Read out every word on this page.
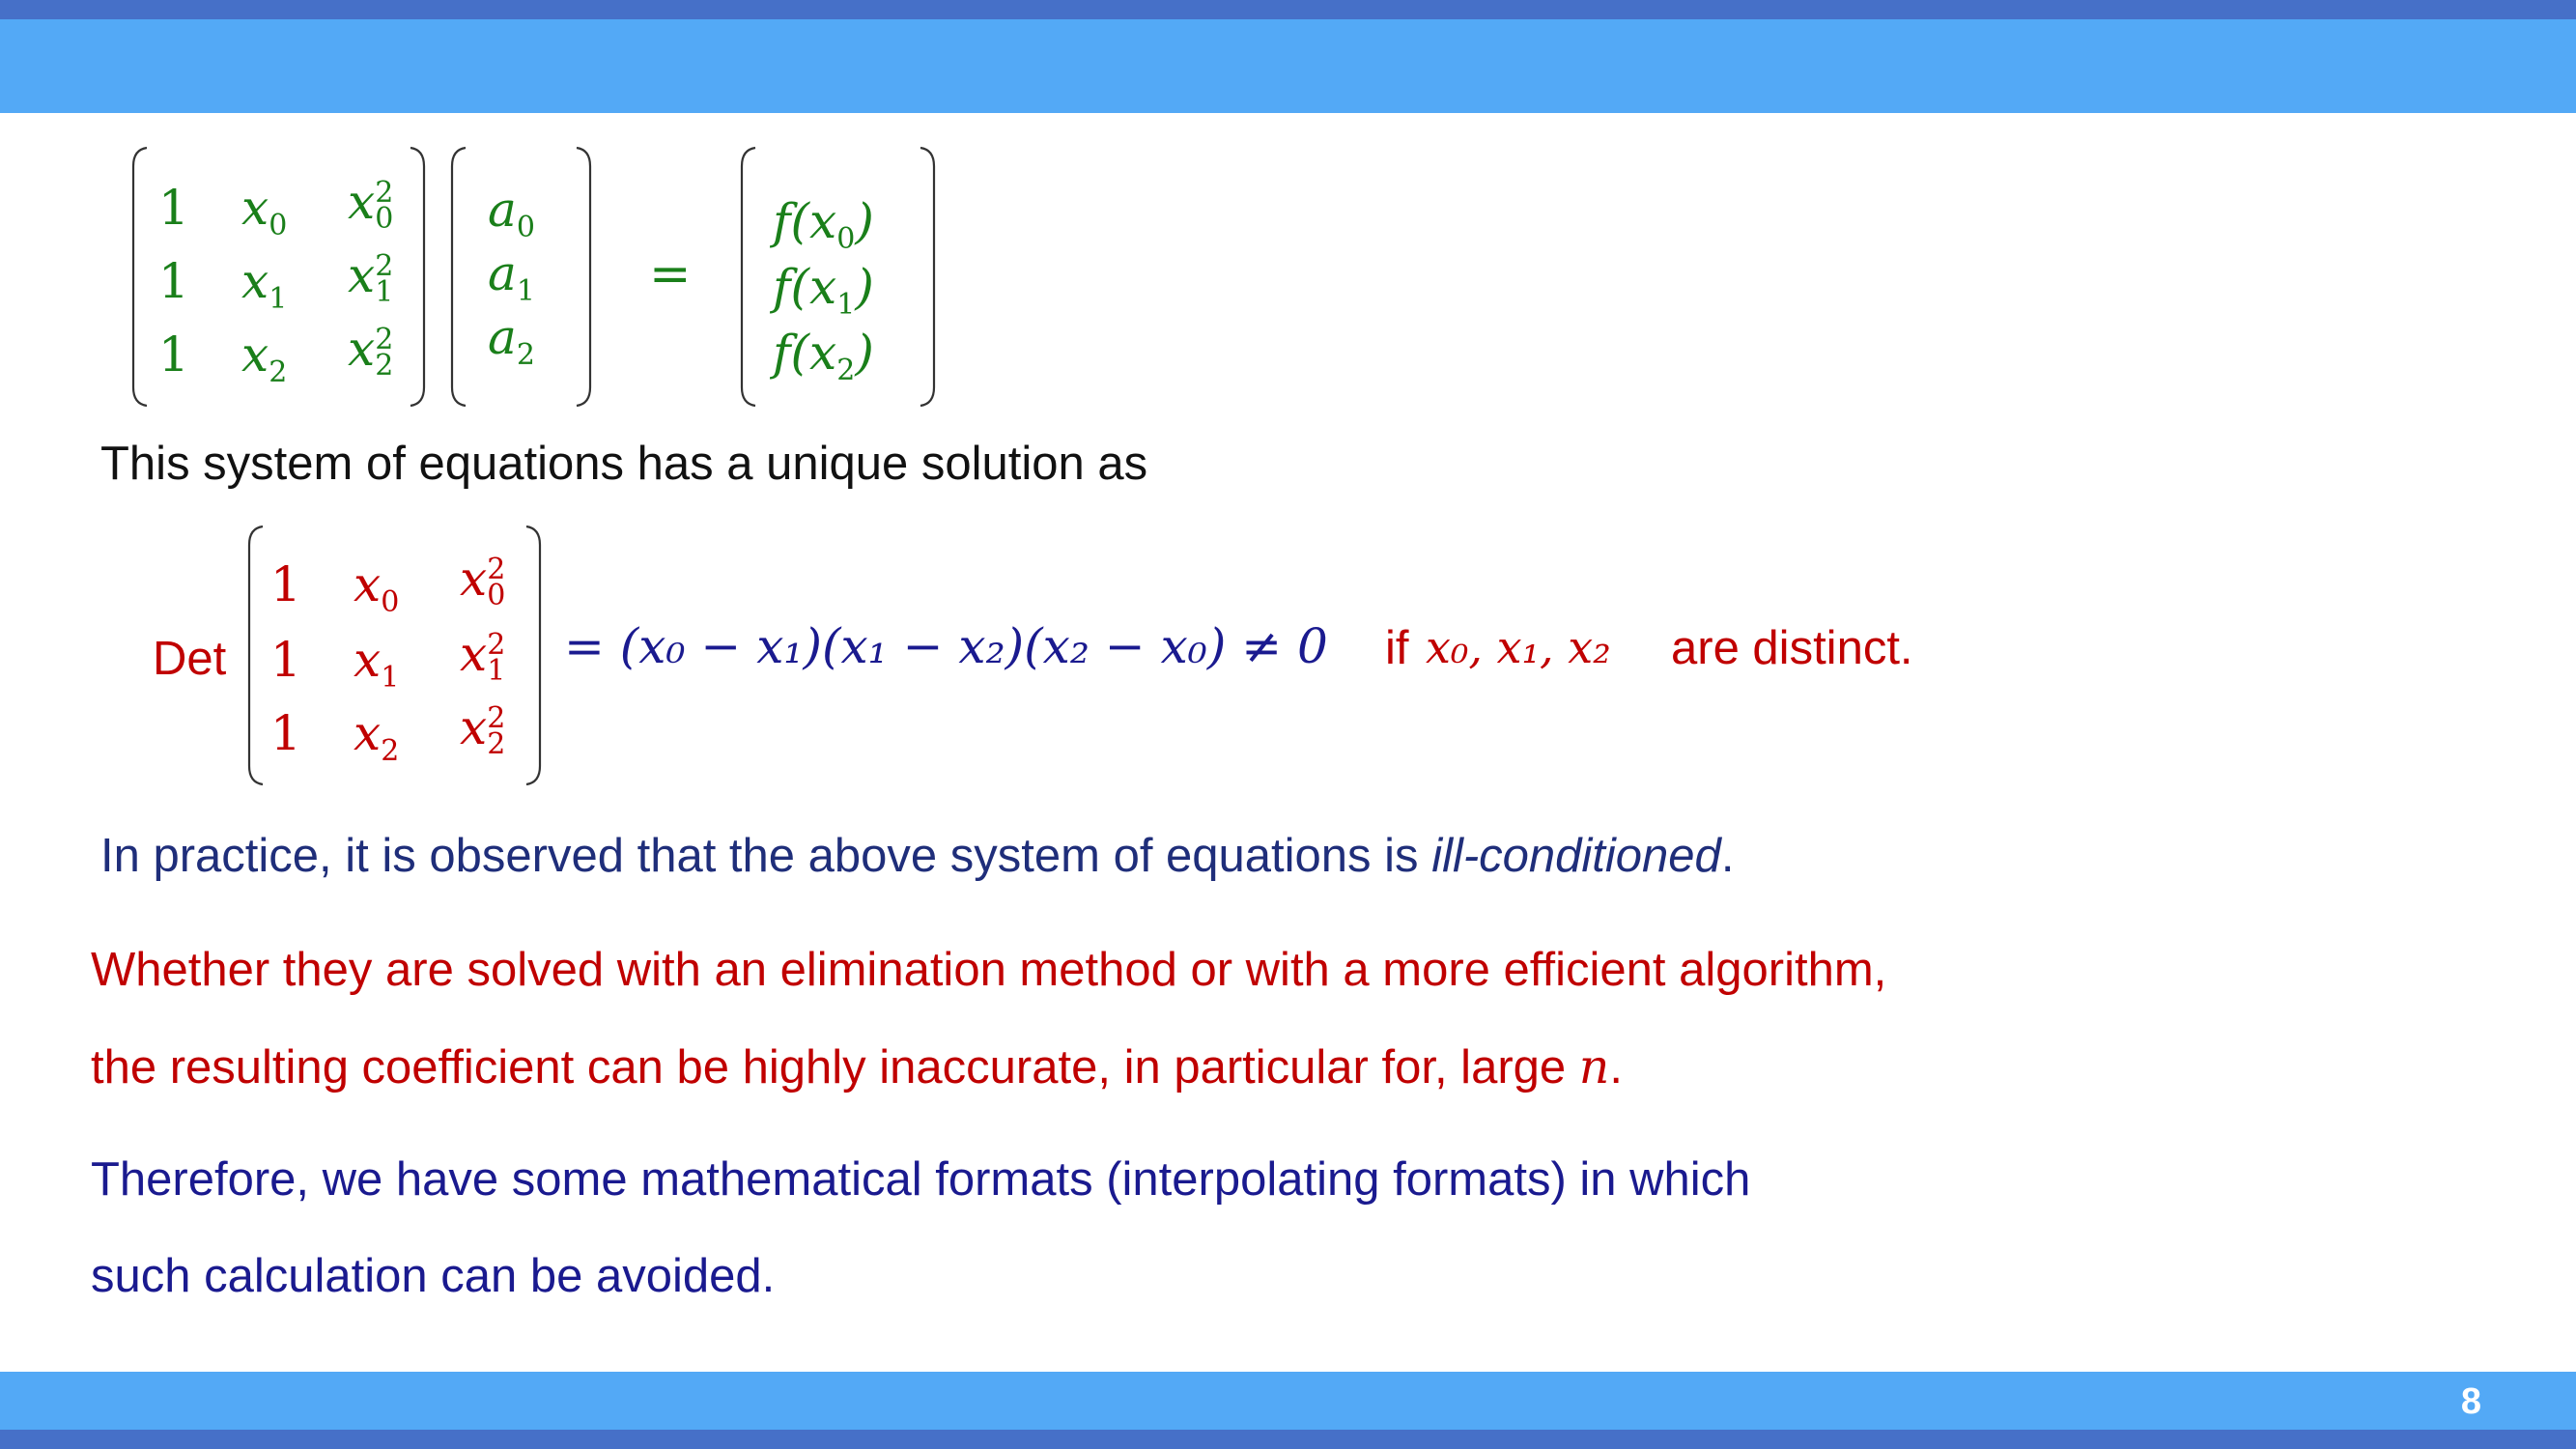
8
1 $x_0$ x 2
0
1 $x_1$ x 2
1
1 $x_2$ x 2
2
$a_0$
$a_1$
$a_2$
=
$f(x_0)$
$f(x_1)$
$f(x_2)$
This system of equations has a unique solution as
Det
1 $x_0$ x 2
0
1 $x_1$ x 2
1
1 $x_2$ x 2
2
= (x₀ − x₁)(x₁ − x₂)(x₂ − x₀) ≠ 0 if x₀, x₁, x₂ are distinct.
In practice, it is observed that the above system of equations is ill-conditioned.
Whether they are solved with an elimination method or with a more efficient algorithm,
the resulting coefficient can be highly inaccurate, in particular for, large n.
Therefore, we have some mathematical formats (interpolating formats) in which
such calculation can be avoided.
